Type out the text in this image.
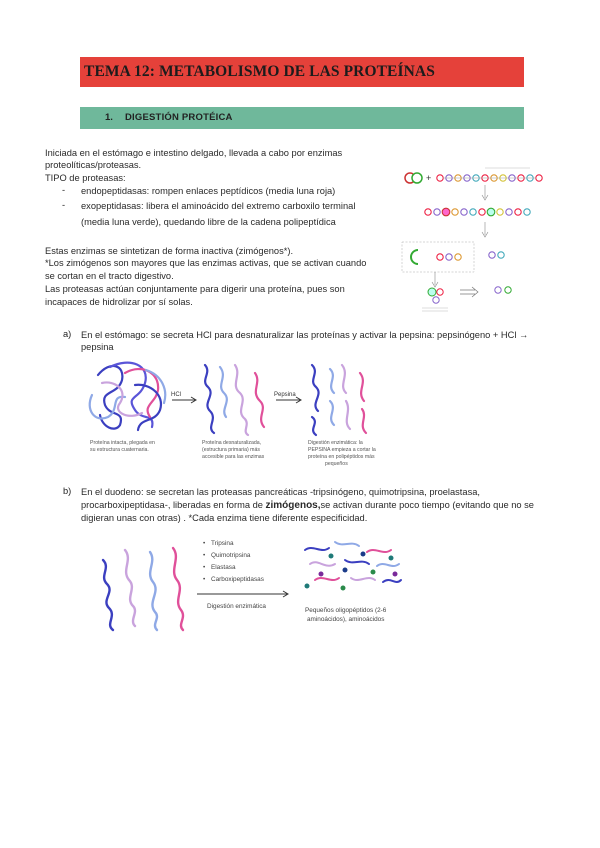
TEMA 12: METABOLISMO DE LAS PROTEÍNAS
1. DIGESTIÓN PROTÉICA
Iniciada en el estómago e intestino delgado, llevada a cabo por enzimas
proteolíticas/proteasas.
TIPO de proteasas:
- endopeptidasas: rompen enlaces peptídicos (media luna roja)
- exopeptidasas: libera el aminoácido del extremo carboxilo terminal
(media luna verde), quedando libre de la cadena polipeptídica
Estas enzimas se sintetizan de forma inactiva (zimógenos*).
*Los zimógenos son mayores que las enzimas activas, que se activan cuando
se cortan en el tracto digestivo.
Las proteasas actúan conjuntamente para digerir una proteína, pues son
incapaces de hidrolizar por sí solas.
+
a) En el estómago: se secreta HCl para desnaturalizar las proteínas y activar la pepsina: pepsinógeno + HCl →
pepsina
HCl	Pepsina
Proteína intacta, plegada en
su estructura cuaternaria.
Proteína desnaturalizada,
(estructura primaria) más
accesible para las enzimas
Digestión enzimática: la
PEPSINA empieza a cortar la
proteína en polipéptidos más
pequeños
b) En el duodeno: se secretan las proteasas pancreáticas -tripsinógeno, quimotripsina, proelastasa,
procarboxipeptidasa-, liberadas en forma de zimógenos,se activan durante poco tiempo (evitando que no se
digieran unas con otras) . *Cada enzima tiene diferente especificidad.
• Tripsina
• Quimotripsina
• Elastasa
• Carboxipeptidasas
Digestión enzimática
Pequeños oligopéptidos (2-6
aminoácidos), aminoácidos
